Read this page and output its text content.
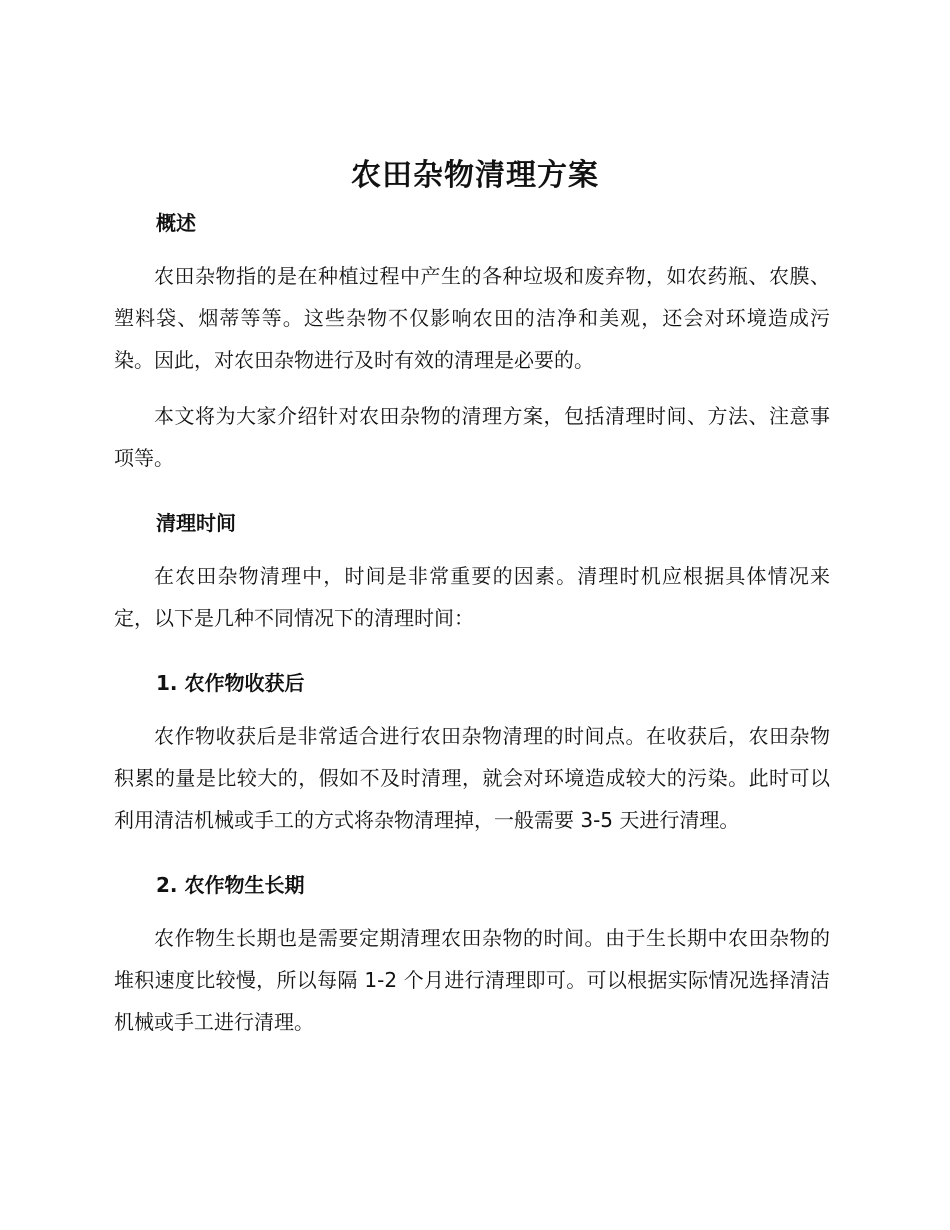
农田杂物清理方案
概述

农田杂物指的是在种植过程中产生的各种垃圾和废弃物，如农药瓶、农膜、塑料袋、烟蒂等等。这些杂物不仅影响农田的洁净和美观，还会对环境造成污染。因此，对农田杂物进行及时有效的清理是必要的。

本文将为大家介绍针对农田杂物的清理方案，包括清理时间、方法、注意事项等。

清理时间

在农田杂物清理中，时间是非常重要的因素。清理时机应根据具体情况来定，以下是几种不同情况下的清理时间：

1. 农作物收获后

农作物收获后是非常适合进行农田杂物清理的时间点。在收获后，农田杂物积累的量是比较大的，假如不及时清理，就会对环境造成较大的污染。此时可以利用清洁机械或手工的方式将杂物清理掉，一般需要 3-5 天进行清理。

2. 农作物生长期

农作物生长期也是需要定期清理农田杂物的时间。由于生长期中农田杂物的堆积速度比较慢，所以每隔 1-2 个月进行清理即可。可以根据实际情况选择清洁机械或手工进行清理。
